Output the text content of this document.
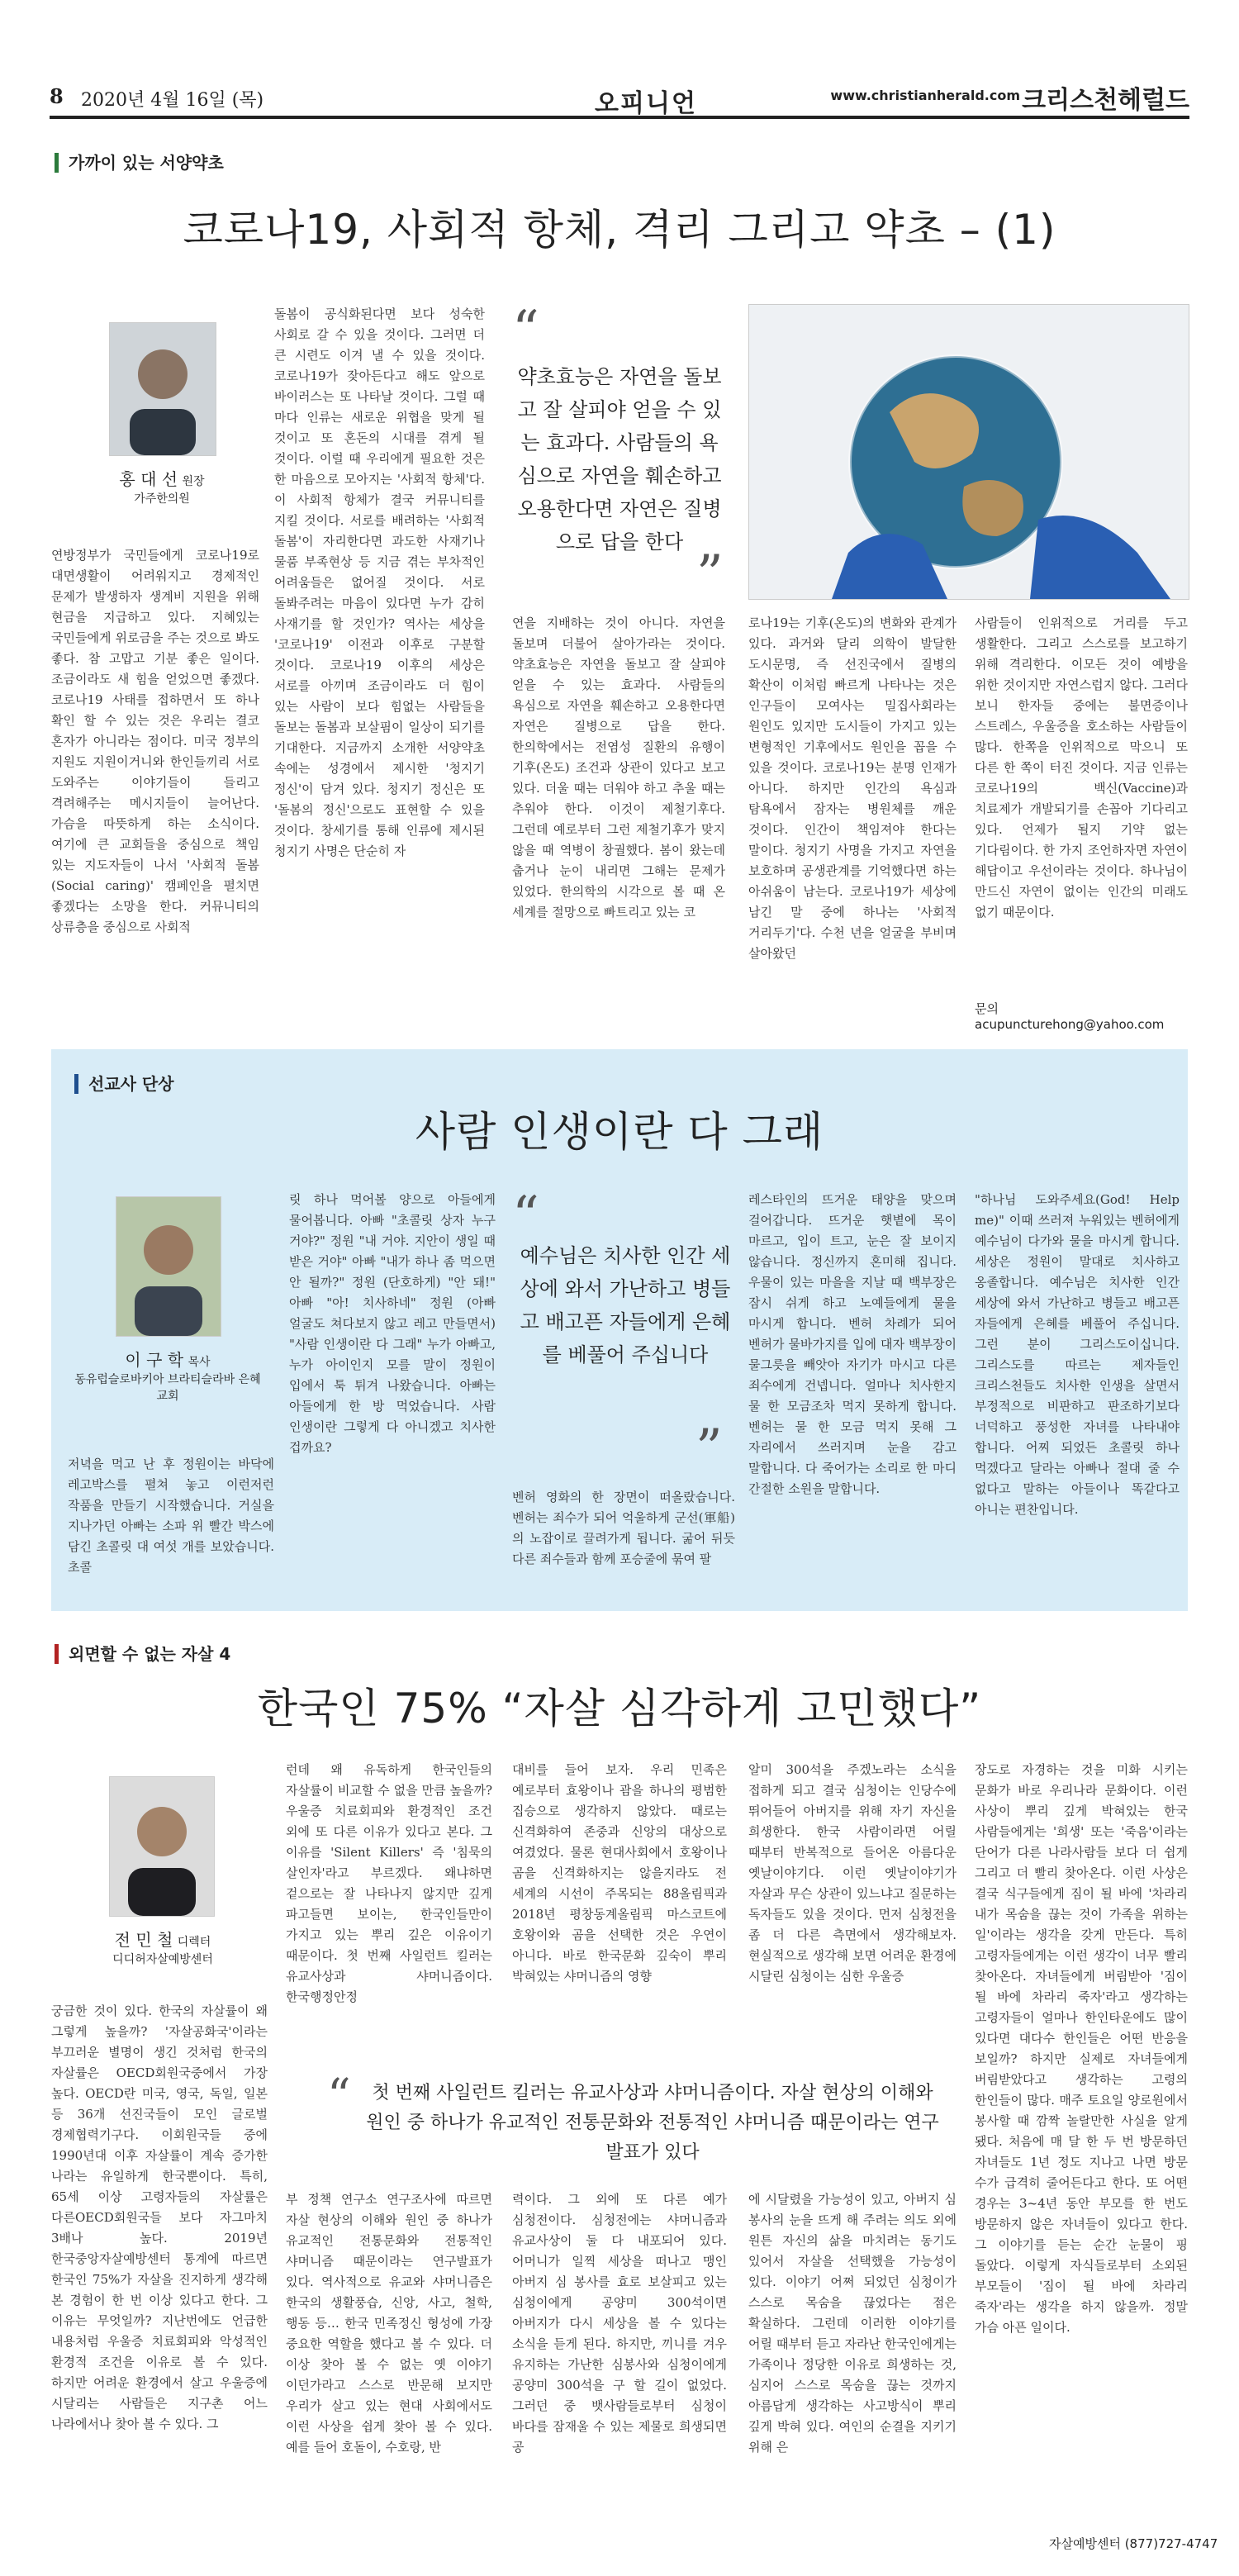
8 2020년 4월 16일 (목)	오피니언	www.christianherald.com 크리스천헤럴드
가까이 있는 서양약초
코로나19, 사회적 항체, 격리 그리고 약초 – (1)
홍 대 선 원장
가주한의원
연방정부가 국민들에게 코로나19로 대면생활이 어려워지고 경제적인 문제가 발생하자 생계비 지원을 위해 현금을 지급하고 있다. 지혜있는 국민들에게 위로금을 주는 것으로 봐도 좋다. 참 고맙고 기분 좋은 일이다. 조금이라도 새 힘을 얻었으면 좋겠다. 코로나19 사태를 접하면서 또 하나 확인 할 수 있는 것은 우리는 결코 혼자가 아니라는 점이다. 미국 정부의 지원도 지원이거니와 한인들끼리 서로 도와주는 이야기들이 들리고 격려해주는 메시지들이 늘어난다. 가슴을 따뜻하게 하는 소식이다. 여기에 큰 교회들을 중심으로 책임 있는 지도자들이 나서 '사회적 돌봄(Social caring)' 캠페인을 펼치면 좋겠다는 소망을 한다. 커뮤니티의 상류층을 중심으로 사회적
돌봄이 공식화된다면 보다 성숙한 사회로 갈 수 있을 것이다. 그러면 더 큰 시련도 이겨 낼 수 있을 것이다. 코로나19가 잦아든다고 해도 앞으로 바이러스는 또 나타날 것이다. 그럴 때 마다 인류는 새로운 위협을 맞게 될 것이고 또 혼돈의 시대를 겪게 될 것이다. 이럴 때 우리에게 필요한 것은 한 마음으로 모아지는 '사회적 항체'다. 이 사회적 항체가 결국 커뮤니티를 지킬 것이다. 서로를 배려하는 '사회적 돌봄'이 자리한다면 과도한 사재기나 물품 부족현상 등 지금 겪는 부차적인 어려움들은 없어질 것이다. 서로 돌봐주려는 마음이 있다면 누가 감히 사재기를 할 것인가? 역사는 세상을 '코로나19' 이전과 이후로 구분할 것이다. 코로나19 이후의 세상은 서로를 아끼며 조금이라도 더 힘이 있는 사람이 보다 힘없는 사람들을 돌보는 돌봄과 보살핌이 일상이 되기를 기대한다. 지금까지 소개한 서양약초 속에는 성경에서 제시한 '청지기 정신'이 담겨 있다. 청지기 정신은 또 '돌봄의 정신'으로도 표현할 수 있을 것이다. 창세기를 통해 인류에 제시된 청지기 사명은 단순히 자
“
약초효능은 자연을 돌보고 잘 살피야 얻을 수 있는 효과다. 사람들의 욕심으로 자연을 훼손하고 오용한다면 자연은 질병으로 답을 한다
”
연을 지배하는 것이 아니다. 자연을 돌보며 더불어 살아가라는 것이다. 약초효능은 자연을 돌보고 잘 살피야 얻을 수 있는 효과다. 사람들의 욕심으로 자연을 훼손하고 오용한다면 자연은 질병으로 답을 한다. 한의학에서는 전염성 질환의 유행이 기후(온도) 조건과 상관이 있다고 보고 있다. 더울 때는 더워야 하고 추울 때는 추워야 한다. 이것이 제철기후다. 그런데 예로부터 그런 제철기후가 맞지 않을 때 역병이 창궐했다. 봄이 왔는데 춥거나 눈이 내리면 그해는 문제가 있었다. 한의학의 시각으로 볼 때 온 세계를 절망으로 빠트리고 있는 코
로나19는 기후(온도)의 변화와 관계가 있다. 과거와 달리 의학이 발달한 도시문명, 즉 선진국에서 질병의 확산이 이처럼 빠르게 나타나는 것은 인구들이 모여사는 밀집사회라는 원인도 있지만 도시들이 가지고 있는 변형적인 기후에서도 원인을 꼽을 수 있을 것이다. 코로나19는 분명 인재가 아니다. 하지만 인간의 욕심과 탐욕에서 잠자는 병원체를 깨운 것이다. 인간이 책임져야 한다는 말이다. 청지기 사명을 가지고 자연을 보호하며 공생관계를 기억했다면 하는 아쉬움이 남는다. 코로나19가 세상에 남긴 말 중에 하나는 '사회적 거리두기'다. 수천 년을 얼굴을 부비며 살아왔던
사람들이 인위적으로 거리를 두고 생활한다. 그리고 스스로를 보고하기 위해 격리한다. 이모든 것이 예방을 위한 것이지만 자연스럽지 않다. 그러다 보니 한자들 중에는 불면증이나 스트레스, 우울증을 호소하는 사람들이 많다. 한쪽을 인위적으로 막으니 또 다른 한 쪽이 터진 것이다. 지금 인류는 코로나19의 백신(Vaccine)과 치료제가 개발되기를 손꼽아 기다리고 있다. 언제가 될지 기약 없는 기다림이다. 한 가지 조언하자면 자연이 해답이고 우선이라는 것이다. 하나님이 만드신 자연이 없이는 인간의 미래도 없기 때문이다.
문의 acupuncturehong@yahoo.com
선교사 단상
사람 인생이란 다 그래
이 구 학 목사
동유럽슬로바키아 브라티슬라바 은혜교회
저녁을 먹고 난 후 정원이는 바닥에 레고박스를 펼쳐 놓고 이런저런 작품을 만들기 시작했습니다. 거실을 지나가던 아빠는 소파 위 빨간 박스에 담긴 초콜릿 대 여섯 개를 보았습니다. 초콜
릿 하나 먹어볼 양으로 아들에게 물어봅니다. 아빠 "초콜릿 상자 누구 거야?" 정원 "내 거야. 지안이 생일 때 받은 거야" 아빠 "내가 하나 좀 먹으면 안 될까?" 정원 (단호하게) "안 돼!" 아빠 "아! 치사하네" 정원 (아빠 얼굴도 쳐다보지 않고 레고 만들면서) "사람 인생이란 다 그래" 누가 아빠고, 누가 아이인지 모를 말이 정원이 입에서 툭 튀겨 나왔습니다. 아빠는 아들에게 한 방 먹었습니다. 사람 인생이란 그렇게 다 아니겠고 치사한 겁까요?
“
예수님은 치사한 인간 세상에 와서 가난하고 병들고 배고픈 자들에게 은혜를 베풀어 주십니다
”
벤허 영화의 한 장면이 떠올랐습니다. 벤허는 죄수가 되어 억울하게 군선(軍船)의 노잡이로 끌려가게 됩니다. 굶어 뒤듯 다른 죄수들과 함께 포승줄에 묶여 팔
레스타인의 뜨거운 태양을 맞으며 걸어갑니다. 뜨거운 햇볕에 목이 마르고, 입이 트고, 눈은 잘 보이지 않습니다. 정신까지 혼미해 집니다. 우물이 있는 마을을 지날 때 백부장은 잠시 쉬게 하고 노예들에게 물을 마시게 합니다. 벤허 차례가 되어 벤허가 물바가지를 입에 대자 백부장이 물그릇을 빼앗아 자기가 마시고 다른 죄수에게 건넵니다. 얼마나 치사한지 물 한 모금조차 먹지 못하게 합니다. 벤허는 물 한 모금 먹지 못해 그 자리에서 쓰러지며 눈을 감고 말합니다. 다 죽어가는 소리로 한 마디 간절한 소원을 말합니다.
"하나님 도와주세요(God! Help me)" 이때 쓰러져 누워있는 벤허에게 예수님이 다가와 물을 마시게 합니다. 세상은 정원이 말대로 치사하고 옹졸합니다. 예수님은 치사한 인간 세상에 와서 가난하고 병들고 배고픈 자들에게 은혜를 베풀어 주십니다. 그런 분이 그리스도이십니다. 그리스도를 따르는 제자들인 크리스천들도 치사한 인생을 살면서 부정적으로 비판하고 판조하기보다 너덕하고 풍성한 자녀를 나타내야 합니다. 어찌 되었든 초콜릿 하나 먹겠다고 달라는 아빠나 절대 줄 수 없다고 말하는 아들이나 똑같다고 아니는 편찬입니다.
외면할 수 없는 자살 4
한국인 75% “자살 심각하게 고민했다”
전 민 철 디렉터
디디허자살예방센터
궁금한 것이 있다. 한국의 자살률이 왜 그렇게 높을까? '자살공화국'이라는 부끄러운 별명이 생긴 것처럼 한국의 자살률은 OECD회원국중에서 가장 높다. OECD란 미국, 영국, 독일, 일본 등 36개 선진국들이 모인 글로벌 경제협력기구다. 이회원국들 중에 1990년대 이후 자살률이 계속 증가한 나라는 유일하게 한국뿐이다. 특히, 65세 이상 고령자들의 자살률은 다른OECD회원국들 보다 자그마치 3배나 높다. 2019년 한국중앙자살예방센터 통계에 따르면 한국인 75%가 자살을 진지하게 생각해 본 경험이 한 번 이상 있다고 한다. 그 이유는 무엇일까? 지난번에도 언급한 내용처럼 우울증 치료회피와 악성적인 환경적 조건을 이유로 볼 수 있다. 하지만 어려운 환경에서 살고 우울증에 시달리는 사람들은 지구촌 어느 나라에서나 찾아 볼 수 있다. 그
런데 왜 유독하게 한국인들의 자살률이 비교할 수 없을 만큼 높을까? 우울증 치료회피와 환경적인 조건 외에 또 다른 이유가 있다고 본다. 그 이유를 'Silent Killers' 즉 '침묵의 살인자'라고 부르겠다. 왜냐하면 겉으로는 잘 나타나지 않지만 깊게 파고들면 보이는, 한국인들만이 가지고 있는 뿌리 깊은 이유이기 때문이다. 첫 번째 사일런트 킬러는 유교사상과 샤머니즘이다. 한국행정안정
대비를 들어 보자. 우리 민족은 예로부터 효왕이나 괌을 하나의 평범한 집승으로 생각하지 않았다. 때로는 신격화하여 존중과 신앙의 대상으로 여겼었다. 물론 현대사회에서 호왕이나 곰을 신격화하지는 않을지라도 전 세계의 시선이 주목되는 88올림픽과 2018년 평창동계올림픽 마스코트에 호왕이와 곰을 선택한 것은 우연이 아니다. 바로 한국문화 깊숙이 뿌리 박혀있는 샤머니즘의 영향
알미 300석을 주겠노라는 소식을 접하게 되고 결국 심청이는 인당수에 뛰어들어 아버지를 위해 자기 자신을 희생한다. 한국 사람이라면 어릴 때부터 반복적으로 들어온 아름다운 옛날이야기다. 이런 옛날이야기가 자살과 무슨 상관이 있느냐고 질문하는 독자들도 있을 것이다. 먼저 심청전을 좀 더 다른 측면에서 생각해보자. 현실적으로 생각해 보면 어려운 환경에 시달린 심청이는 심한 우울증
장도로 자경하는 것을 미화 시키는 문화가 바로 우리나라 문화이다. 이런 사상이 뿌리 깊게 박혀있는 한국 사람들에게는 '희생' 또는 '죽음'이라는 단어가 다른 나라사람들 보다 더 쉽게 그리고 더 빨리 찾아온다. 이런 사상은 결국 식구들에게 짐이 될 바에 '차라리 내가 목숨을 끊는 것이 가족을 위하는 일'이라는 생각을 갖게 만든다. 특히 고령자들에게는 이런 생각이 너무 빨리 찾아온다. 자녀들에게 버림받아 '짐이 될 바에 차라리 죽자'라고 생각하는 고령자들이 얼마나 한인타운에도 많이 있다면 대다수 한인들은 어떤 반응을 보일까? 하지만 실제로 자녀들에게 버림받았다고 생각하는 고령의 한인들이 많다. 매주 토요일 양로원에서 봉사할 때 깜짝 놀랄만한 사실을 알게 됐다. 처음에 매 달 한 두 번 방문하던 자녀들도 1년 정도 지나고 나면 방문 수가 급격히 줄어든다고 한다. 또 어떤 경우는 3~4년 동안 부모를 한 번도 방문하지 않은 자녀들이 있다고 한다. 그 이야기를 듣는 순간 눈물이 핑 돌았다. 이렇게 자식들로부터 소외된 부모들이 '짐이 될 바에 차라리 죽자'라는 생각을 하지 않을까. 정말 가슴 아픈 일이다.
“	첫 번째 사일런트 킬러는 유교사상과 샤머니즘이다. 자살 현상의 이해와 원인 중 하나가 유교적인 전통문화와 전통적인 샤머니즘 때문이라는 연구발표가 있다
부 정책 연구소 연구조사에 따르면 자살 현상의 이해와 원인 중 하나가 유교적인 전통문화와 전통적인 샤머니즘 때문이라는 연구발표가 있다. 역사적으로 유교와 샤머니즘은 한국의 생활풍습, 신앙, 사고, 철학, 행동 등… 한국 민족정신 형성에 가장 중요한 역할을 했다고 볼 수 있다. 더 이상 찾아 볼 수 없는 옛 이야기 이던가라고 스스로 반문해 보지만 우리가 살고 있는 현대 사회에서도 이런 사상을 쉽게 찾아 볼 수 있다. 예를 들어 호돌이, 수호랑, 반
력이다. 그 외에 또 다른 예가 심청전이다. 심청전에는 샤머니즘과 유교사상이 둘 다 내포되어 있다. 어머니가 일찍 세상을 떠나고 맹인 아버지 심 봉사를 효로 보살피고 있는 심청이에게 공양미 300석이면 아버지가 다시 세상을 볼 수 있다는 소식을 듣게 된다. 하지만, 끼니를 겨우 유지하는 가난한 심봉사와 심청이에게 공양미 300석을 구 할 길이 없었다. 그러던 중 뱃사람들로부터 심청이 바다를 잠재울 수 있는 제물로 희생되면 공
에 시달렸을 가능성이 있고, 아버지 심 봉사의 눈을 뜨게 해 주려는 의도 외에 원튼 자신의 삶을 마치려는 동기도 있어서 자살을 선택했을 가능성이 있다. 이야기 어쩌 되었던 심청이가 스스로 목숨을 끊었다는 점은 확실하다. 그런데 이러한 이야기를 어릴 때부터 듣고 자라난 한국인에게는 가족이나 정당한 이유로 희생하는 것, 심지어 스스로 목숨을 끊는 것까지 아름답게 생각하는 사고방식이 뿌리 깊게 박혀 있다. 여인의 순결을 지키기 위해 은
자살예방센터 (877)727-4747
